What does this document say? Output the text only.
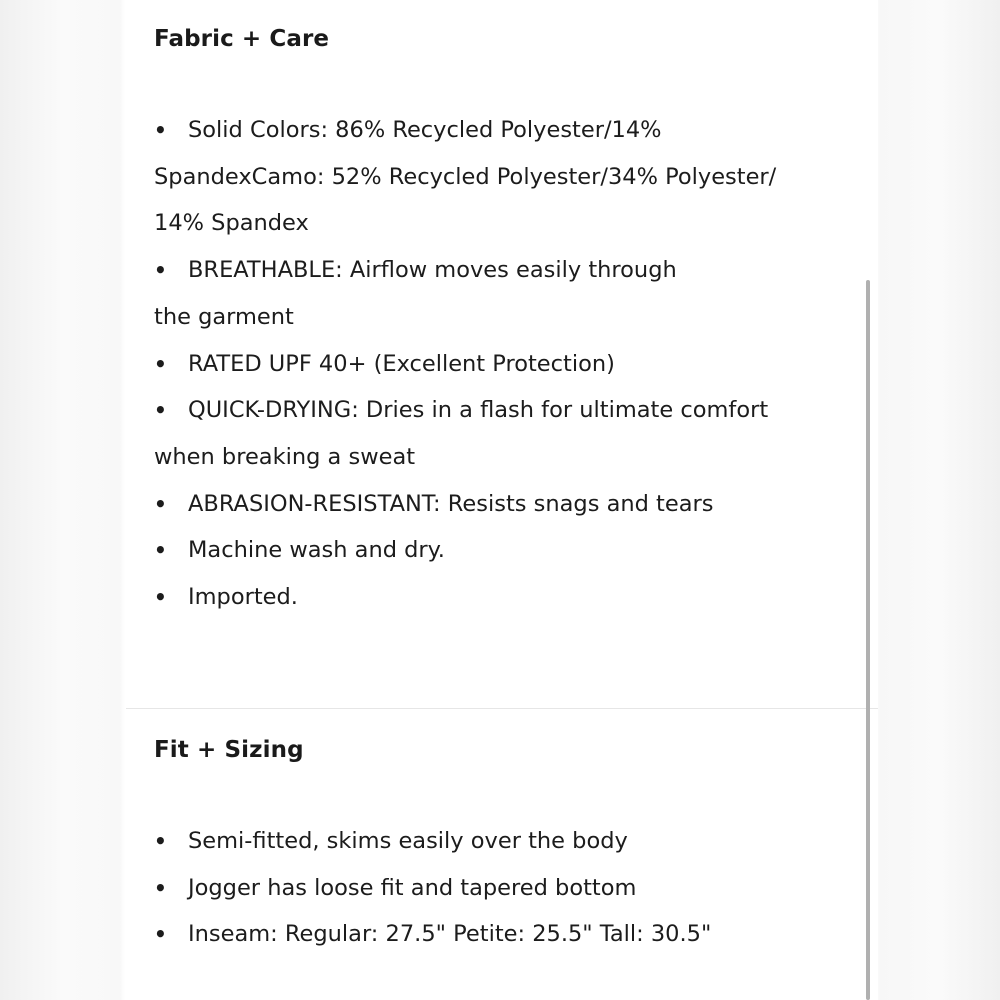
Fabric + Care
• Solid Colors: 86% Recycled Polyester/14%
SpandexCamo: 52% Recycled Polyester/34% Polyester/
14% Spandex
• BREATHABLE: Airflow moves easily through
the garment
• RATED UPF 40+ (Excellent Protection)
• QUICK-DRYING: Dries in a flash for ultimate comfort
when breaking a sweat
• ABRASION-RESISTANT: Resists snags and tears
• Machine wash and dry.
• Imported.
Fit + Sizing
• Semi-fitted, skims easily over the body
• Jogger has loose fit and tapered bottom
• Inseam: Regular: 27.5" Petite: 25.5" Tall: 30.5"
